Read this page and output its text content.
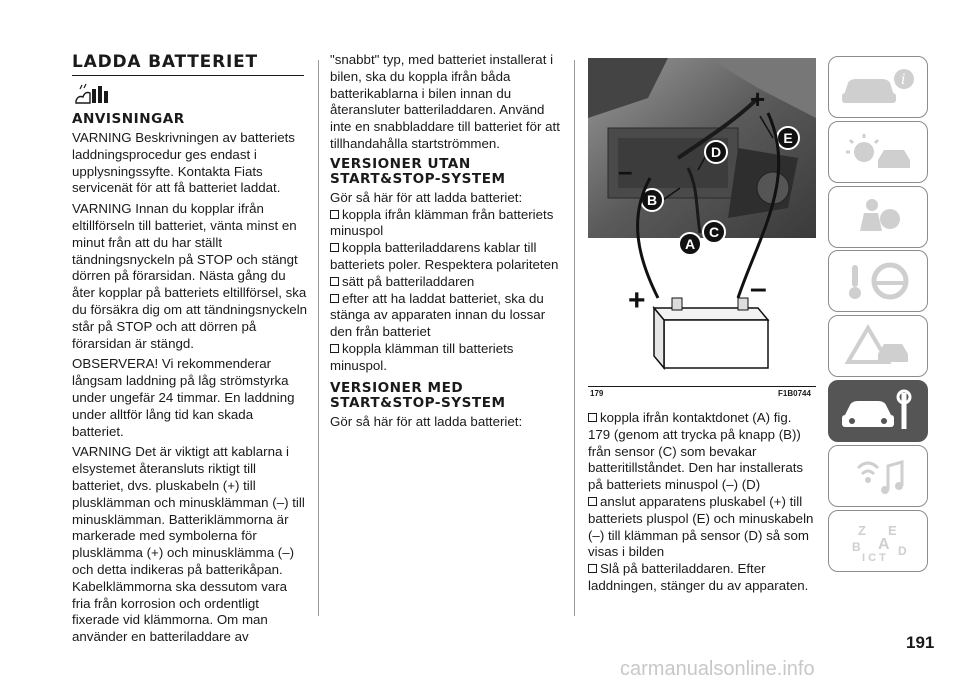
LADDA BATTERIET
ANVISNINGAR

VARNING Beskrivningen av batteriets laddningsprocedur ges endast i upplysningssyfte. Kontakta Fiats servicenät för att få batteriet laddat.

VARNING Innan du kopplar ifrån eltillförseln till batteriet, vänta minst en minut från att du har ställt tändningsnyckeln på STOP och stängt dörren på förarsidan. Nästa gång du åter kopplar på batteriets eltillförsel, ska du försäkra dig om att tändningsnyckeln står på STOP och att dörren på förarsidan är stängd.

OBSERVERA! Vi rekommenderar långsam laddning på låg strömstyrka under ungefär 24 timmar. En laddning under alltför lång tid kan skada batteriet.

VARNING Det är viktigt att kablarna i elsystemet återansluts riktigt till batteriet, dvs. pluskabeln (+) till plusklämman och minusklämman (–) till minusklämman. Batteriklämmorna är markerade med symbolerna för plusklämma (+) och minusklämma (–) och detta indikeras på batterikåpan. Kabelklämmorna ska dessutom vara fria från korrosion och ordentligt fixerade vid klämmorna. Om man använder en batteriladdare av

"snabbt" typ, med batteriet installerat i bilen, ska du koppla ifrån båda batterikablarna i bilen innan du återansluter batteriladdaren. Använd inte en snabbladdare till batteriet för att tillhandahålla startströmmen.

VERSIONER UTAN START&STOP-SYSTEM

Gör så här för att ladda batteriet:

koppla ifrån klämman från batteriets minuspol
koppla batteriladdarens kablar till batteriets poler. Respektera polariteten
sätt på batteriladdaren
efter att ha laddat batteriet, ska du stänga av apparaten innan du lossar den från batteriet
koppla klämman till batteriets minuspol.
VERSIONER MED START&STOP-SYSTEM

Gör så här för att ladda batteriet:

+
–
E
D
B
C
A
+	–
179	F1B0744
koppla ifrån kontaktdonet (A) fig. 179 (genom att trycka på knapp (B)) från sensor (C) som bevakar batteritillståndet. Den har installerats på batteriets minuspol (–) (D)
anslut apparatens pluskabel (+) till batteriets pluspol (E) och minuskabeln (–) till klämman på sensor (D) så som visas i bilden
Slå på batteriladdaren. Efter laddningen, stänger du av apparaten.
i
Z E
B A D
I C T
191
carmanualsonline.info
